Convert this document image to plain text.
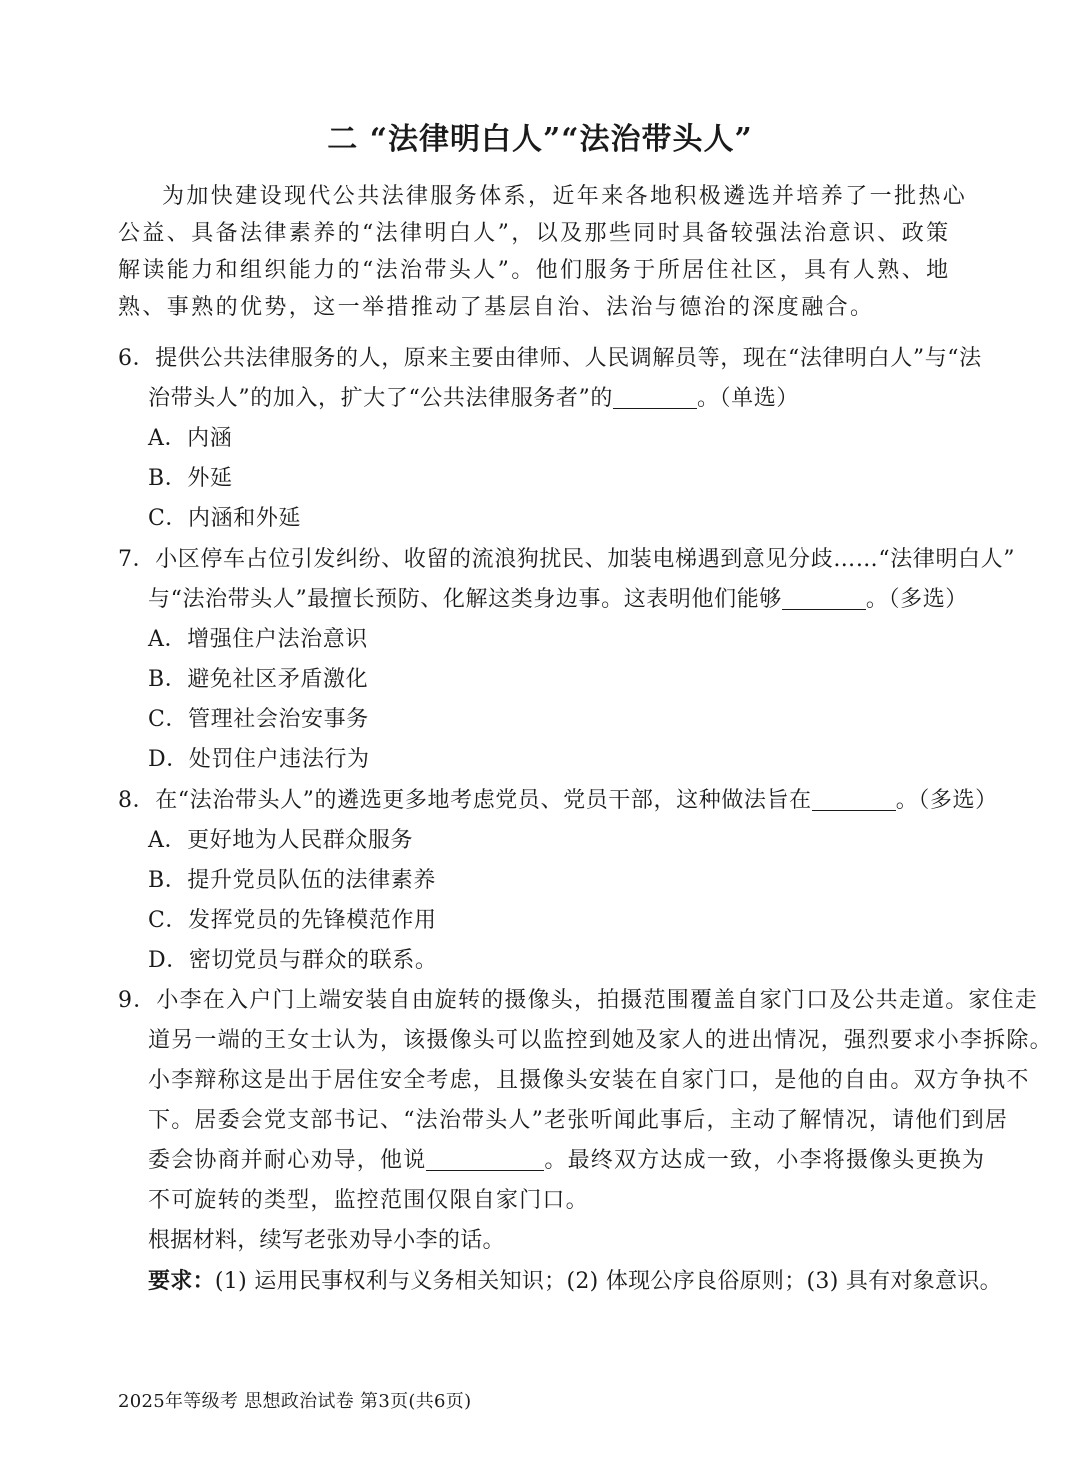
二 “法律明白人”“法治带头人”

为加快建设现代公共法律服务体系，近年来各地积极遴选并培养了一批热心公益、具备法律素养的“法律明白人”，以及那些同时具备较强法治意识、政策解读能力和组织能力的“法治带头人”。他们服务于所居住社区，具有人熟、地熟、事熟的优势，这一举措推动了基层自治、法治与德治的深度融合。

6．提供公共法律服务的人，原来主要由律师、人民调解员等，现在“法律明白人”与“法
治带头人”的加入，扩大了“公共法律服务者”的	。（单选）
A．内涵
B．外延
C．内涵和外延
7．小区停车占位引发纠纷、收留的流浪狗扰民、加装电梯遇到意见分歧……“法律明白人”
与“法治带头人”最擅长预防、化解这类身边事。这表明他们能够	。（多选）
A．增强住户法治意识
B．避免社区矛盾激化
C．管理社会治安事务
D．处罚住户违法行为
8．在“法治带头人”的遴选更多地考虑党员、党员干部，这种做法旨在	。（多选）
A．更好地为人民群众服务
B．提升党员队伍的法律素养
C．发挥党员的先锋模范作用
D．密切党员与群众的联系。
9．小李在入户门上端安装自由旋转的摄像头，拍摄范围覆盖自家门口及公共走道。家住走
道另一端的王女士认为，该摄像头可以监控到她及家人的进出情况，强烈要求小李拆除。
小李辩称这是出于居住安全考虑，且摄像头安装在自家门口，是他的自由。双方争执不
下。居委会党支部书记、“法治带头人”老张听闻此事后，主动了解情况，请他们到居
委会协商并耐心劝导，他说	。最终双方达成一致，小李将摄像头更换为
不可旋转的类型，监控范围仅限自家门口。
根据材料，续写老张劝导小李的话。
要求：(1) 运用民事权利与义务相关知识；(2) 体现公序良俗原则；(3) 具有对象意识。
2025年等级考 思想政治试卷 第3页(共6页)
